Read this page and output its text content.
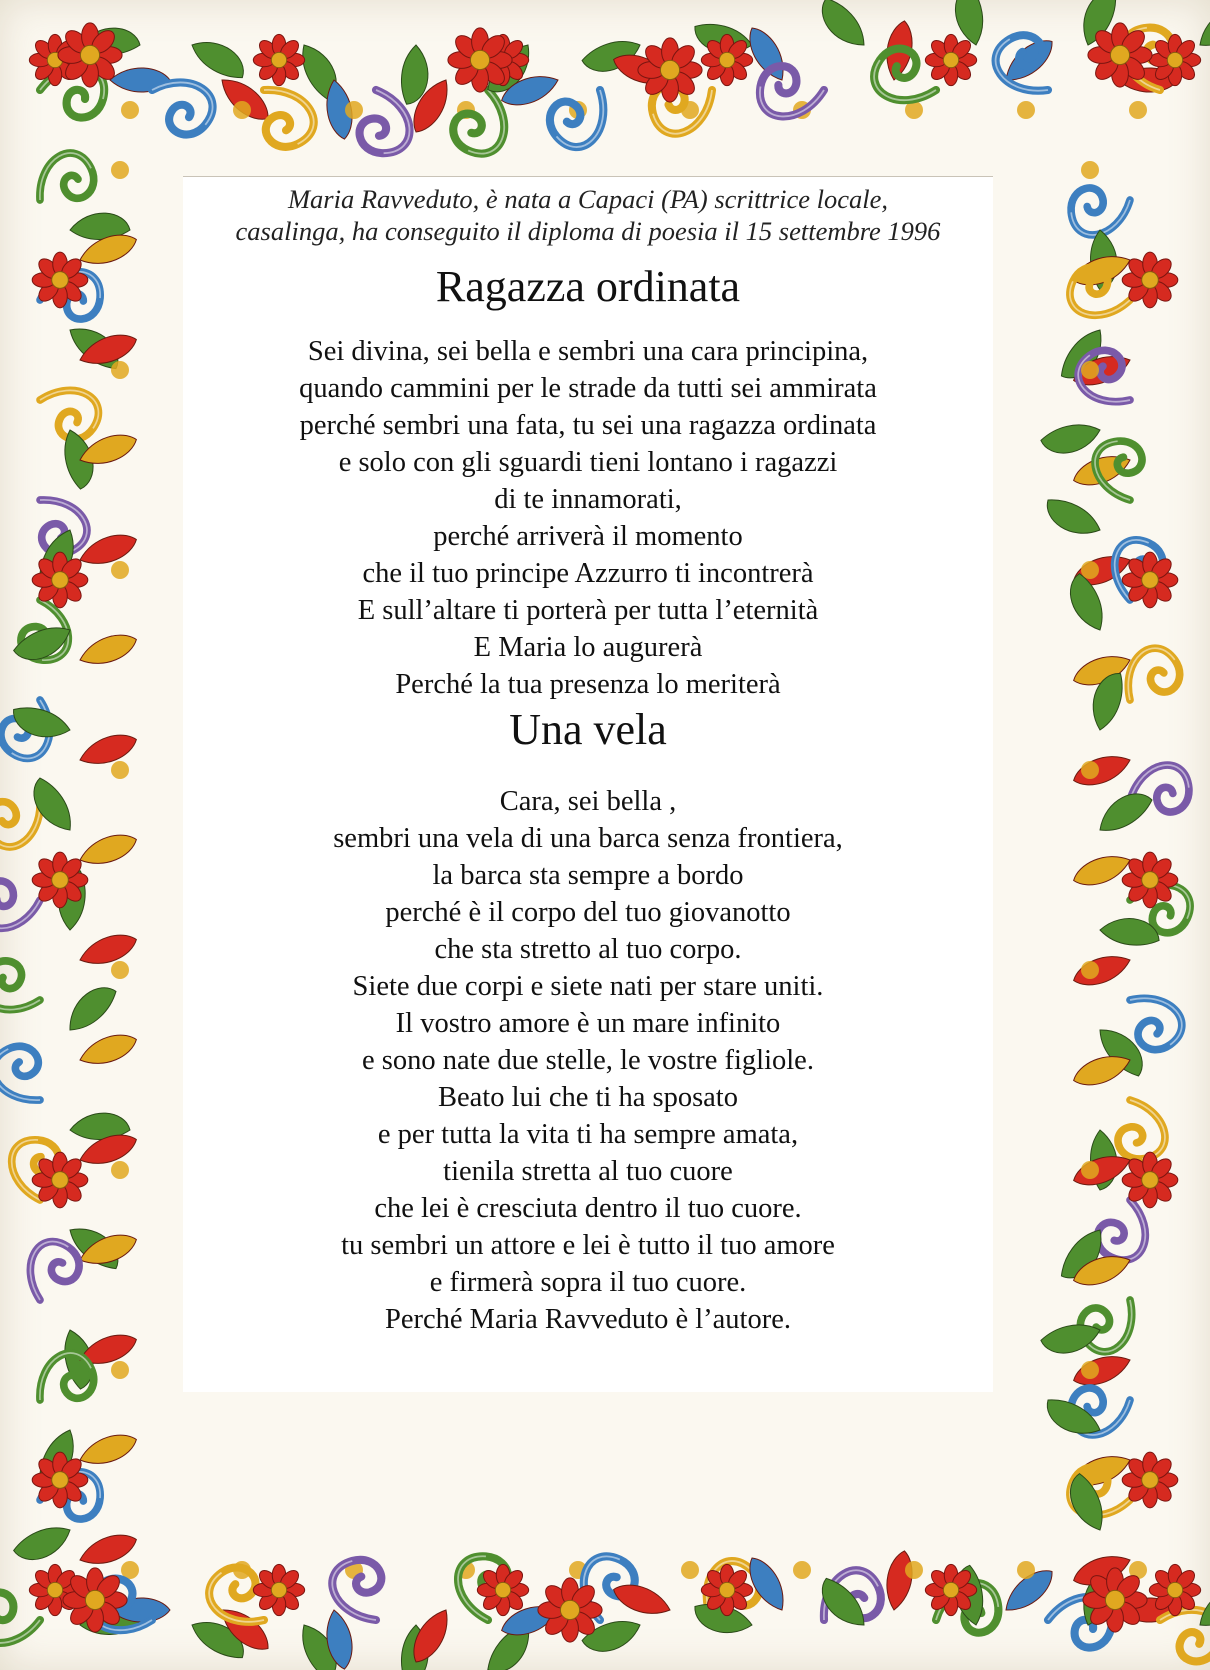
Maria Ravveduto, è nata a Capaci (PA) scrittrice locale,
casalinga, ha conseguito il diploma di poesia il 15 settembre 1996
Ragazza ordinata
Sei divina, sei bella e sembri una cara principina,
quando cammini per le strade da tutti sei ammirata
perché sembri una fata, tu sei una ragazza ordinata
e solo con gli sguardi tieni lontano i ragazzi
di te innamorati,
perché arriverà il momento
che il tuo principe Azzurro ti incontrerà
E sull’altare ti porterà per tutta l’eternità
E Maria lo augurerà
Perché la tua presenza lo meriterà
Una vela
Cara, sei bella ,
sembri una vela di una barca senza frontiera,
la barca sta sempre a bordo
perché è il corpo del tuo giovanotto
che sta stretto al tuo corpo.
Siete due corpi e siete nati per stare uniti.
Il vostro amore è un mare infinito
e sono nate due stelle, le vostre figliole.
Beato lui che ti ha sposato
e per tutta la vita ti ha sempre amata,
tienila stretta al tuo cuore
che lei è cresciuta dentro il tuo cuore.
tu sembri un attore e lei è tutto il tuo amore
e firmerà sopra il tuo cuore.
Perché Maria Ravveduto è l’autore.
